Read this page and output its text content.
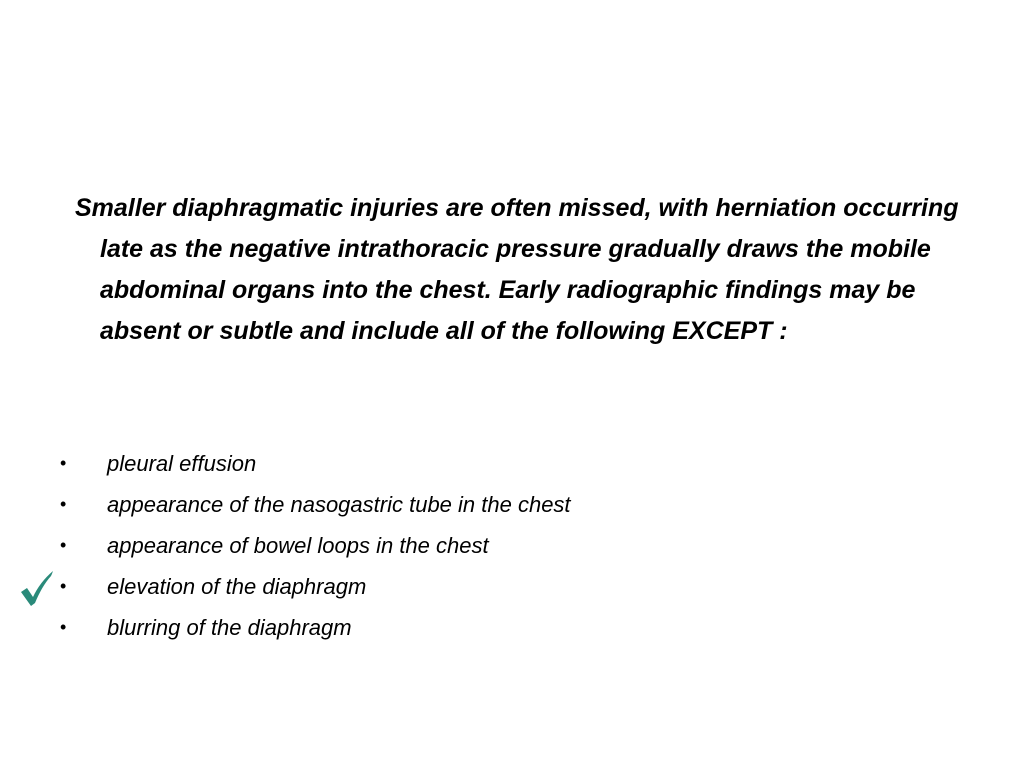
Smaller diaphragmatic injuries are often missed, with herniation occurring late as the negative intrathoracic pressure gradually draws the mobile abdominal organs into the chest. Early radiographic findings may be absent or subtle and include all of the following EXCEPT :

• pleural effusion
• appearance of the nasogastric tube in the chest
• appearance of bowel loops in the chest
• elevation of the diaphragm
• blurring of the diaphragm
